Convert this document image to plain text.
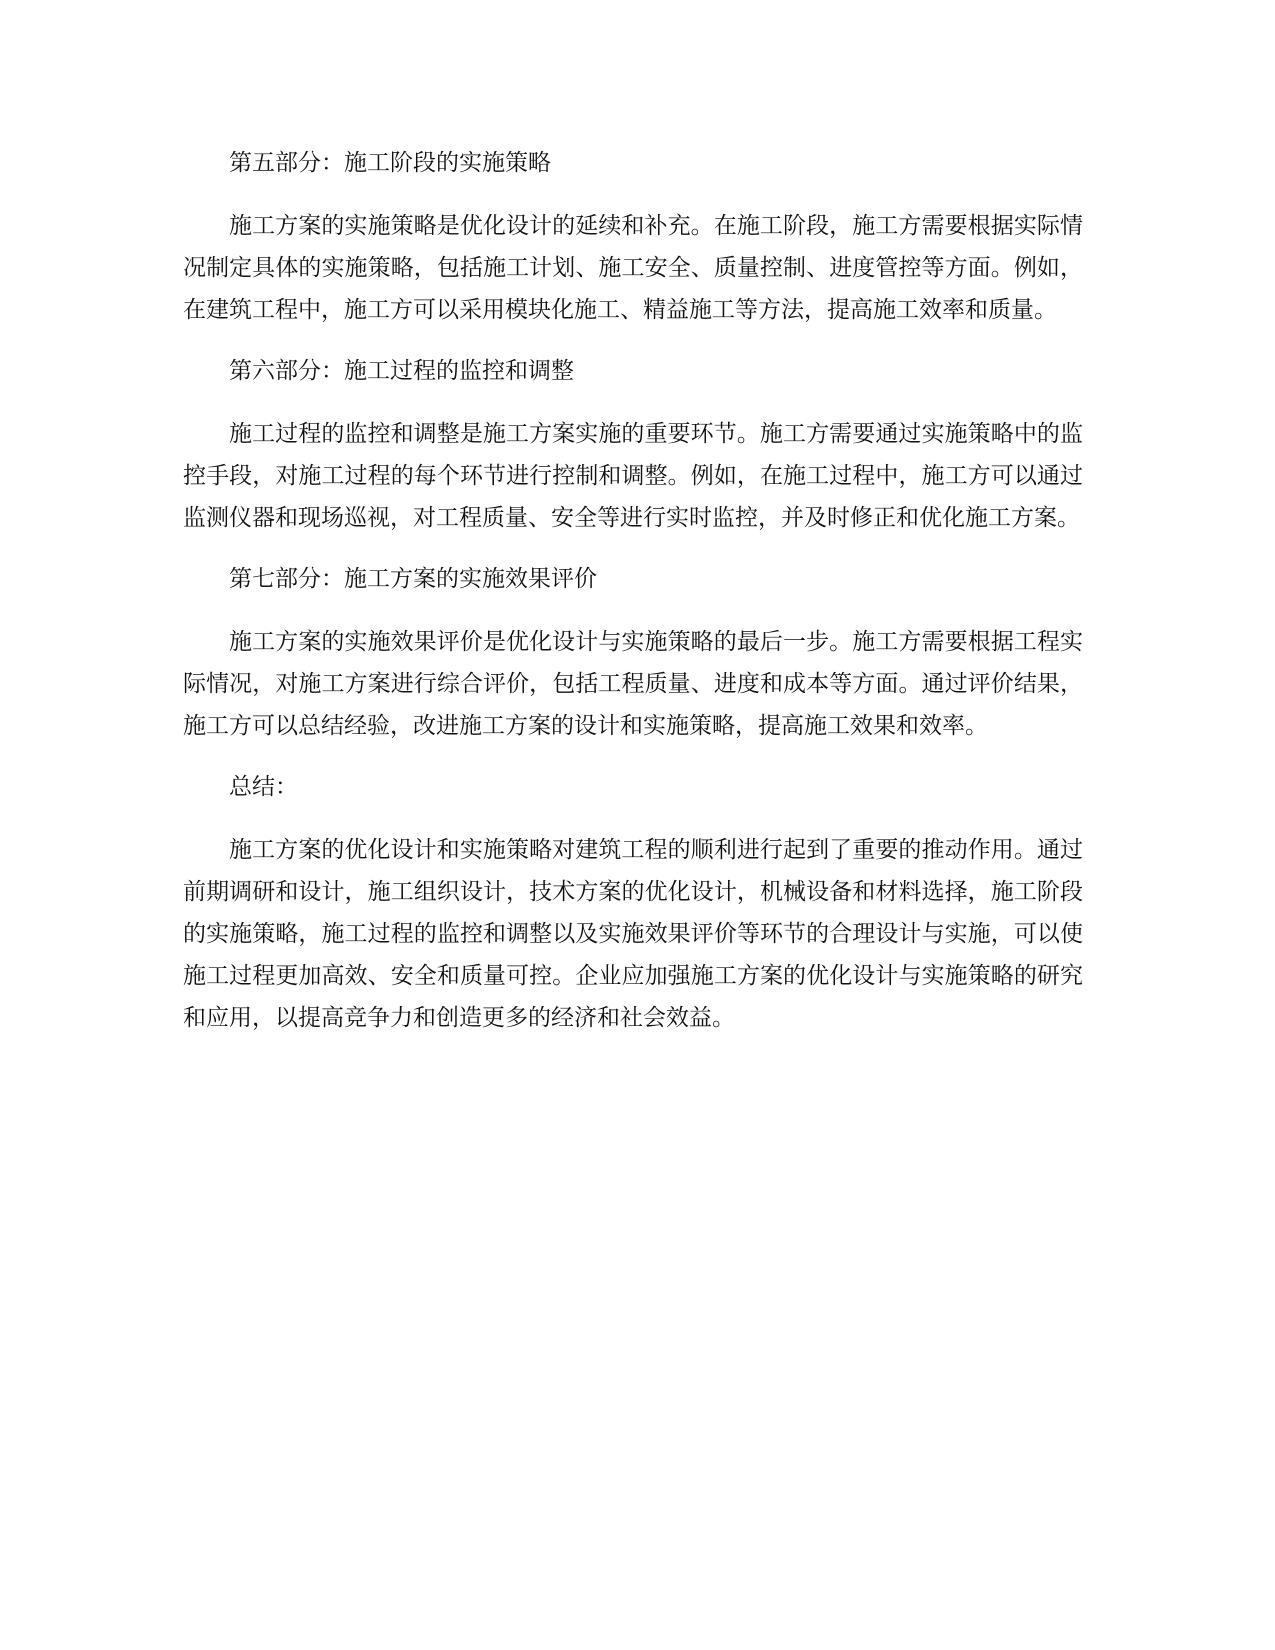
第五部分：施工阶段的实施策略

施工方案的实施策略是优化设计的延续和补充。在施工阶段，施工方需要根据实际情况制定具体的实施策略，包括施工计划、施工安全、质量控制、进度管控等方面。例如，在建筑工程中，施工方可以采用模块化施工、精益施工等方法，提高施工效率和质量。

第六部分：施工过程的监控和调整

施工过程的监控和调整是施工方案实施的重要环节。施工方需要通过实施策略中的监控手段，对施工过程的每个环节进行控制和调整。例如，在施工过程中，施工方可以通过监测仪器和现场巡视，对工程质量、安全等进行实时监控，并及时修正和优化施工方案。

第七部分：施工方案的实施效果评价

施工方案的实施效果评价是优化设计与实施策略的最后一步。施工方需要根据工程实际情况，对施工方案进行综合评价，包括工程质量、进度和成本等方面。通过评价结果，施工方可以总结经验，改进施工方案的设计和实施策略，提高施工效果和效率。

总结：

施工方案的优化设计和实施策略对建筑工程的顺利进行起到了重要的推动作用。通过前期调研和设计，施工组织设计，技术方案的优化设计，机械设备和材料选择，施工阶段的实施策略，施工过程的监控和调整以及实施效果评价等环节的合理设计与实施，可以使施工过程更加高效、安全和质量可控。企业应加强施工方案的优化设计与实施策略的研究和应用，以提高竞争力和创造更多的经济和社会效益。
